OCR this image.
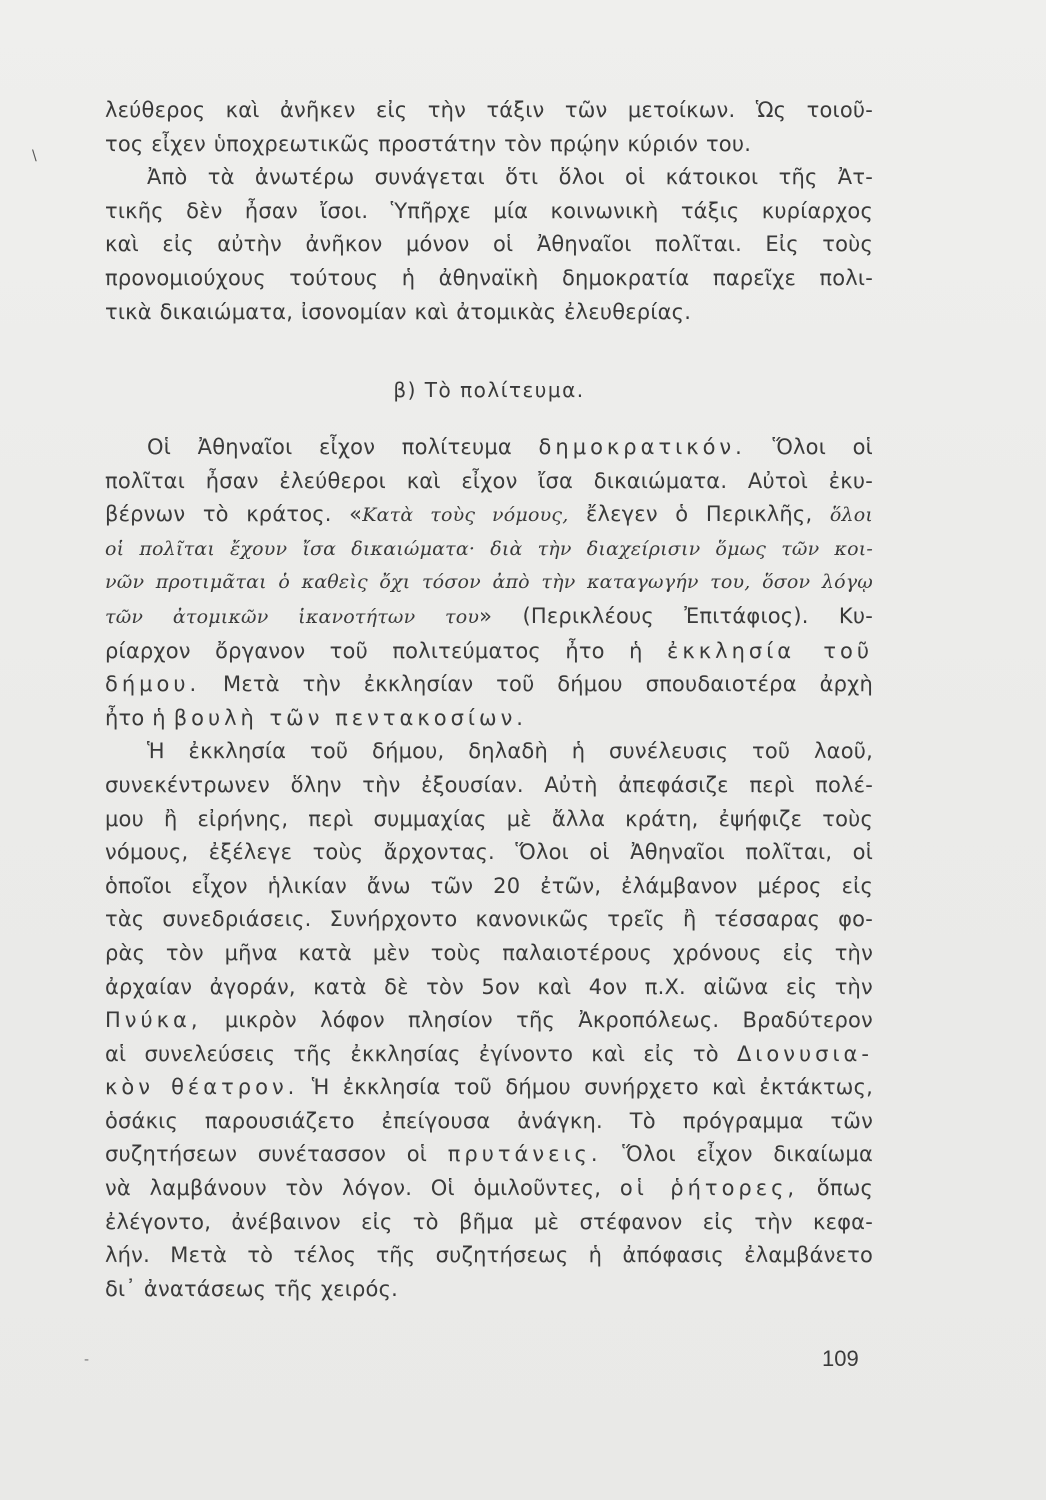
\
λεύθερος καὶ ἀνῆκεν εἰς τὴν τάξιν τῶν μετοίκων. Ὡς τοιοῦ-
τος εἶχεν ὑποχρεωτικῶς προστάτην τὸν πρῴην κύριόν του.
Ἀπὸ τὰ ἀνωτέρω συνάγεται ὅτι ὅλοι οἱ κάτοικοι τῆς Ἀτ-
τικῆς δὲν ἦσαν ἴσοι. Ὑπῆρχε μία κοινωνικὴ τάξις κυρίαρχος
καὶ εἰς αὐτὴν ἀνῆκον μόνον οἱ Ἀθηναῖοι πολῖται. Εἰς τοὺς
προνομιούχους τούτους ἡ ἀθηναϊκὴ δημοκρατία παρεῖχε πολι-
τικὰ δικαιώματα, ἰσονομίαν καὶ ἀτομικὰς ἐλευθερίας.
β) Τὸ πολίτευμα.
Οἱ Ἀθηναῖοι εἶχον πολίτευμα δημοκρατικόν. Ὅλοι οἱ
πολῖται ἦσαν ἐλεύθεροι καὶ εἶχον ἴσα δικαιώματα. Αὐτοὶ ἐκυ-
βέρνων τὸ κράτος. «Κατὰ τοὺς νόμους, ἔλεγεν ὁ Περικλῆς, ὅλοι
οἱ πολῖται ἔχουν ἴσα δικαιώματα· διὰ τὴν διαχείρισιν ὅμως τῶν κοι-
νῶν προτιμᾶται ὁ καθεὶς ὄχι τόσον ἀπὸ τὴν καταγωγήν του, ὅσον λόγῳ
τῶν ἀτομικῶν ἱκανοτήτων του» (Περικλέους Ἐπιτάφιος). Κυ-
ρίαρχον ὄργανον τοῦ πολιτεύματος ἦτο ἡ ἐκκλησία τοῦ
δήμου. Μετὰ τὴν ἐκκλησίαν τοῦ δήμου σπουδαιοτέρα ἀρχὴ
ἦτο ἡ βουλὴ τῶν πεντακοσίων.
Ἡ ἐκκλησία τοῦ δήμου, δηλαδὴ ἡ συνέλευσις τοῦ λαοῦ,
συνεκέντρωνεν ὅλην τὴν ἐξουσίαν. Αὐτὴ ἀπεφάσιζε περὶ πολέ-
μου ἢ εἰρήνης, περὶ συμμαχίας μὲ ἄλλα κράτη, ἐψήφιζε τοὺς
νόμους, ἐξέλεγε τοὺς ἄρχοντας. Ὅλοι οἱ Ἀθηναῖοι πολῖται, οἱ
ὁποῖοι εἶχον ἡλικίαν ἄνω τῶν 20 ἐτῶν, ἐλάμβανον μέρος εἰς
τὰς συνεδριάσεις. Συνήρχοντο κανονικῶς τρεῖς ἢ τέσσαρας φο-
ρὰς τὸν μῆνα κατὰ μὲν τοὺς παλαιοτέρους χρόνους εἰς τὴν
ἀρχαίαν ἀγοράν, κατὰ δὲ τὸν 5ον καὶ 4ον π.Χ. αἰῶνα εἰς τὴν
Πνύκα, μικρὸν λόφον πλησίον τῆς Ἀκροπόλεως. Βραδύτερον
αἱ συνελεύσεις τῆς ἐκκλησίας ἐγίνοντο καὶ εἰς τὸ Διονυσια-
κὸν θέατρον. Ἡ ἐκκλησία τοῦ δήμου συνήρχετο καὶ ἐκτάκτως,
ὁσάκις παρουσιάζετο ἐπείγουσα ἀνάγκη. Τὸ πρόγραμμα τῶν
συζητήσεων συνέτασσον οἱ πρυτάνεις. Ὅλοι εἶχον δικαίωμα
νὰ λαμβάνουν τὸν λόγον. Οἱ ὁμιλοῦντες, οἱ ῥήτορες, ὅπως
ἐλέγοντο, ἀνέβαινον εἰς τὸ βῆμα μὲ στέφανον εἰς τὴν κεφα-
λήν. Μετὰ τὸ τέλος τῆς συζητήσεως ἡ ἀπόφασις ἐλαμβάνετο
δι᾽ ἀνατάσεως τῆς χειρός.
-	109
